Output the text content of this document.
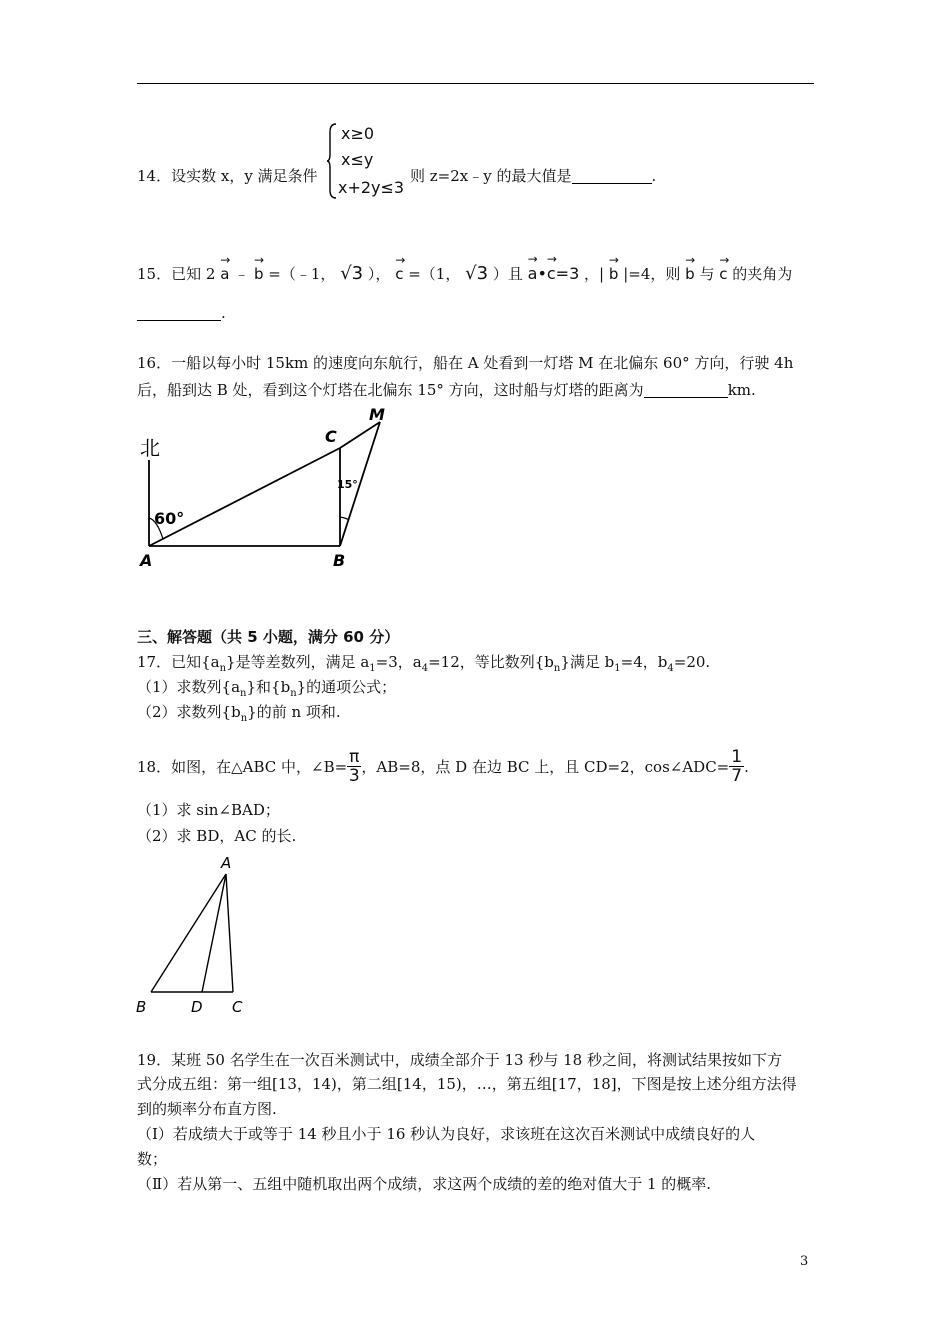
14．设实数 x，y 满足条件
x≥0
x≤y
x+2y≤3
则 z=2x﹣y 的最大值是	.
15．已知 2
→
a ﹣
→
b =（﹣1， √3 ），
→
c =（1， √3 ）且
→
a•
→
c=3 ，|
→
b |=4，则
→
b 与
→
c 的夹角为
.
16．一船以每小时 15km 的速度向东航行，船在 A 处看到一灯塔 M 在北偏东 60° 方向，行驶 4h
后，船到达 B 处，看到这个灯塔在北偏东 15° 方向，这时船与灯塔的距离为	km.
北
60°
15°
A	B
C
M
三、解答题（共 5 小题，满分 60 分）
17．已知$\{a_n\}$是等差数列，满足 $a_1=3$，$a_4=12$，等比数列$\{b_n\}$满足 $b_1=4$，$b_4=20$.
（1）求数列$\{a_n\}$和$\{b_n\}$的通项公式；
（2）求数列$\{b_n\}$的前 n 项和.
18．如图，在△ABC 中，∠B= $\frac{\pi}{3}$ ，AB=8，点 D 在边 BC 上，且 CD=2，cos∠ADC= $\frac{1}{7}$ .
（1）求 sin∠BAD；
（2）求 BD，AC 的长.
A
B	D C
19．某班 50 名学生在一次百米测试中，成绩全部介于 13 秒与 18 秒之间，将测试结果按如下方
式分成五组：第一组[13，14)，第二组[14，15)，…，第五组[17，18]，下图是按上述分组方法得
到的频率分布直方图.
（Ⅰ）若成绩大于或等于 14 秒且小于 16 秒认为良好，求该班在这次百米测试中成绩良好的人
数；
（Ⅱ）若从第一、五组中随机取出两个成绩，求这两个成绩的差的绝对值大于 1 的概率.
3
